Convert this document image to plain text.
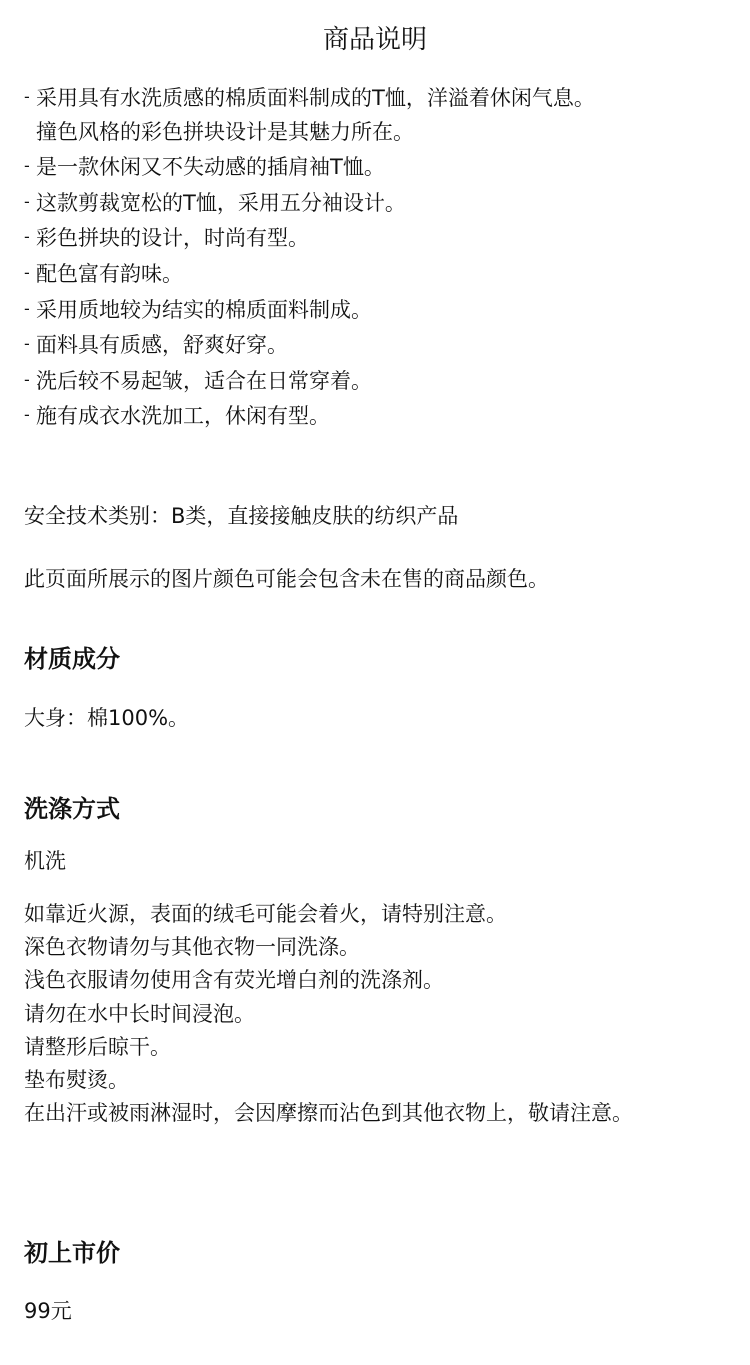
商品说明
- 采用具有水洗质感的棉质面料制成的T恤，洋溢着休闲气息。
撞色风格的彩色拼块设计是其魅力所在。
- 是一款休闲又不失动感的插肩袖T恤。
- 这款剪裁宽松的T恤，采用五分袖设计。
- 彩色拼块的设计，时尚有型。
- 配色富有韵味。
- 采用质地较为结实的棉质面料制成。
- 面料具有质感，舒爽好穿。
- 洗后较不易起皱，适合在日常穿着。
- 施有成衣水洗加工，休闲有型。

安全技术类别：B类，直接接触皮肤的纺织产品

此页面所展示的图片颜色可能会包含未在售的商品颜色。

材质成分

大身：棉100%。

洗涤方式

机洗

如靠近火源，表面的绒毛可能会着火，请特别注意。
深色衣物请勿与其他衣物一同洗涤。
浅色衣服请勿使用含有荧光增白剂的洗涤剂。
请勿在水中长时间浸泡。
请整形后晾干。
垫布熨烫。
在出汗或被雨淋湿时，会因摩擦而沾色到其他衣物上，敬请注意。
初上市价

99元
